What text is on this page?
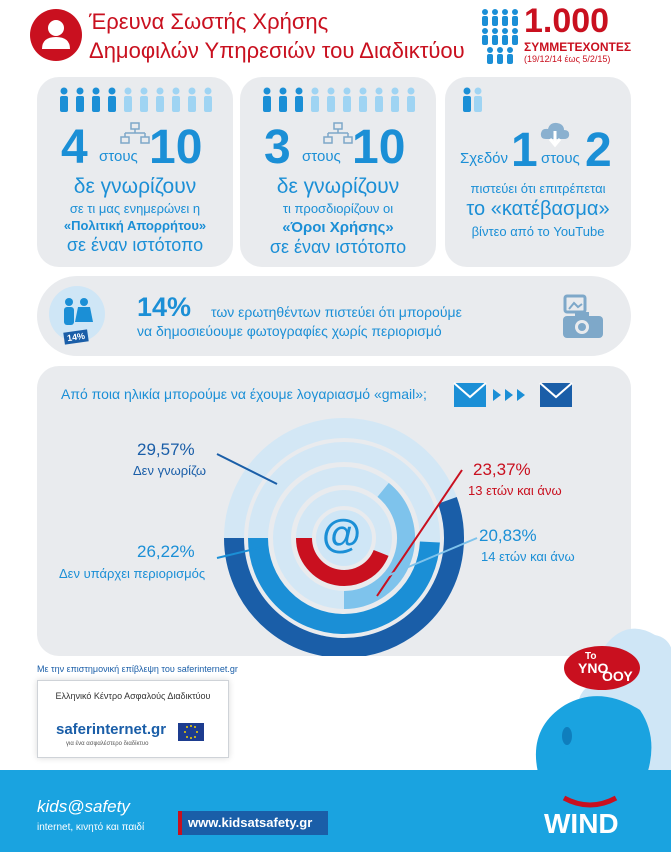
Έρευνα Σωστής Χρήσης
Δημοφιλών Υπηρεσιών του Διαδικτύου
1.000
ΣΥΜΜΕΤΕΧΟΝΤΕΣ
(19/12/14 έως 5/2/15)
4 στους 10
δε γνωρίζουν
σε τι μας ενημερώνει η
«Πολιτική Απορρήτου»
σε έναν ιστότοπο
3 στους 10
δε γνωρίζουν
τι προσδιορίζουν οι
«Όροι Χρήσης»
σε έναν ιστότοπο
Σχεδόν 1 στους 2
πιστεύει ότι επιτρέπεται
το «κατέβασμα»
βίντεο από το YouTube
14%
14% των ερωτηθέντων πιστεύει ότι μπορούμε
να δημοσιεύουμε φωτογραφίες χωρίς περιορισμό
Από ποια ηλικία μπορούμε να έχουμε λογαριασμό «gmail»;
@
29,57%
Δεν γνωρίζω
26,22%
Δεν υπάρχει περιορισμός
23,37%
13 ετών και άνω
20,83%
14 ετών και άνω
Με την επιστημονική επίβλεψη του saferinternet.gr
Ελληνικό Κέντρο Ασφαλούς Διαδικτύου
saferinternet.gr
για ένα ασφαλέστερο διαδίκτυο
Το
ΥΝΟ
ΟΟΥ
kids@safety
internet, κινητό και παιδί	www.kidsatsafety.gr	WIND
